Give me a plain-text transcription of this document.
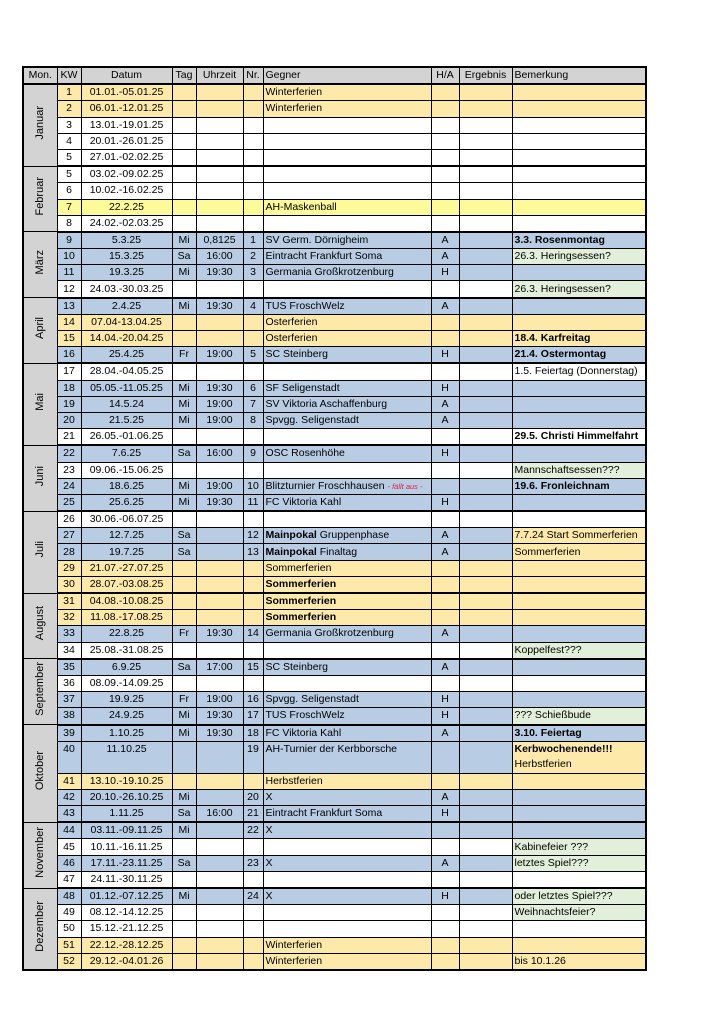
Mon.	KW	Datum	Tag	Uhrzeit	Nr.	Gegner	H/A	Ergebnis	Bemerkung
Januar	1	01.01.-05.01.25				Winterferien			

	2	06.01.-12.01.25				Winterferien			

	3	13.01.-19.01.25							

	4	20.01.-26.01.25							

	5	27.01.-02.02.25							

Februar	5	03.02.-09.02.25							

	6	10.02.-16.02.25							

	7	22.2.25				AH-Maskenball			

	8	24.02.-02.03.25							

März	9	5.3.25	Mi	0,8125	1	SV Germ. Dörnigheim	A		3.3. Rosenmontag

	10	15.3.25	Sa	16:00	2	Eintracht Frankfurt Soma	A		26.3. Heringsessen?

	11	19.3.25	Mi	19:30	3	Germania Großkrotzenburg	H		

	12	24.03.-30.03.25							26.3. Heringsessen?

April	13	2.4.25	Mi	19:30	4	TUS FroschWelz	A		

	14	07.04-13.04.25				Osterferien			

	15	14.04.-20.04.25				Osterferien			18.4. Karfreitag

	16	25.4.25	Fr	19:00	5	SC Steinberg	H		21.4. Ostermontag

Mai	17	28.04.-04.05.25							1.5. Feiertag (Donnerstag)

	18	05.05.-11.05.25	Mi	19:30	6	SF Seligenstadt	H		

	19	14.5.24	Mi	19:00	7	SV Viktoria Aschaffenburg	A		

	20	21.5.25	Mi	19:00	8	Spvgg. Seligenstadt	A		

	21	26.05.-01.06.25							29.5. Christi Himmelfahrt

Juni	22	7.6.25	Sa	16:00	9	OSC Rosenhöhe	H		

	23	09.06.-15.06.25							Mannschaftsessen???

	24	18.6.25	Mi	19:00	10	Blitzturnier Froschhausen - fällt aus -			19.6. Fronleichnam

	25	25.6.25	Mi	19:30	11	FC Viktoria Kahl	H		

Juli	26	30.06.-06.07.25							

	27	12.7.25	Sa		12	Mainpokal Gruppenphase	A		7.7.24 Start Sommerferien

	28	19.7.25	Sa		13	Mainpokal Finaltag	A		Sommerferien

	29	21.07.-27.07.25				Sommerferien			

	30	28.07.-03.08.25				Sommerferien			

August	31	04.08.-10.08.25				Sommerferien			

	32	11.08.-17.08.25				Sommerferien			

	33	22.8.25	Fr	19:30	14	Germania Großkrotzenburg	A		

	34	25.08.-31.08.25							Koppelfest???

September	35	6.9.25	Sa	17:00	15	SC Steinberg	A		

	36	08.09.-14.09.25							

	37	19.9.25	Fr	19:00	16	Spvgg. Seligenstadt	H		

	38	24.9.25	Mi	19:30	17	TUS FroschWelz	H		??? Schießbude

Oktober	39	1.10.25	Mi	19:30	18	FC Viktoria Kahl	A		3.10. Feiertag

	40	11.10.25			19	AH-Turnier der Kerbborsche			Kerbwochenende!!!
Herbstferien

	41	13.10.-19.10.25				Herbstferien			

	42	20.10.-26.10.25	Mi		20	X	A		

	43	1.11.25	Sa	16:00	21	Eintracht Frankfurt Soma	H		

November	44	03.11.-09.11.25	Mi		22	X			

	45	10.11.-16.11.25							Kabinefeier ???

	46	17.11.-23.11.25	Sa		23	X	A		letztes Spiel???

	47	24.11.-30.11.25							

Dezember	48	01.12.-07.12.25	Mi		24	X	H		oder letztes Spiel???

	49	08.12.-14.12.25							Weihnachtsfeier?

	50	15.12.-21.12.25							

	51	22.12.-28.12.25				Winterferien			

	52	29.12.-04.01.26				Winterferien			bis 10.1.26
